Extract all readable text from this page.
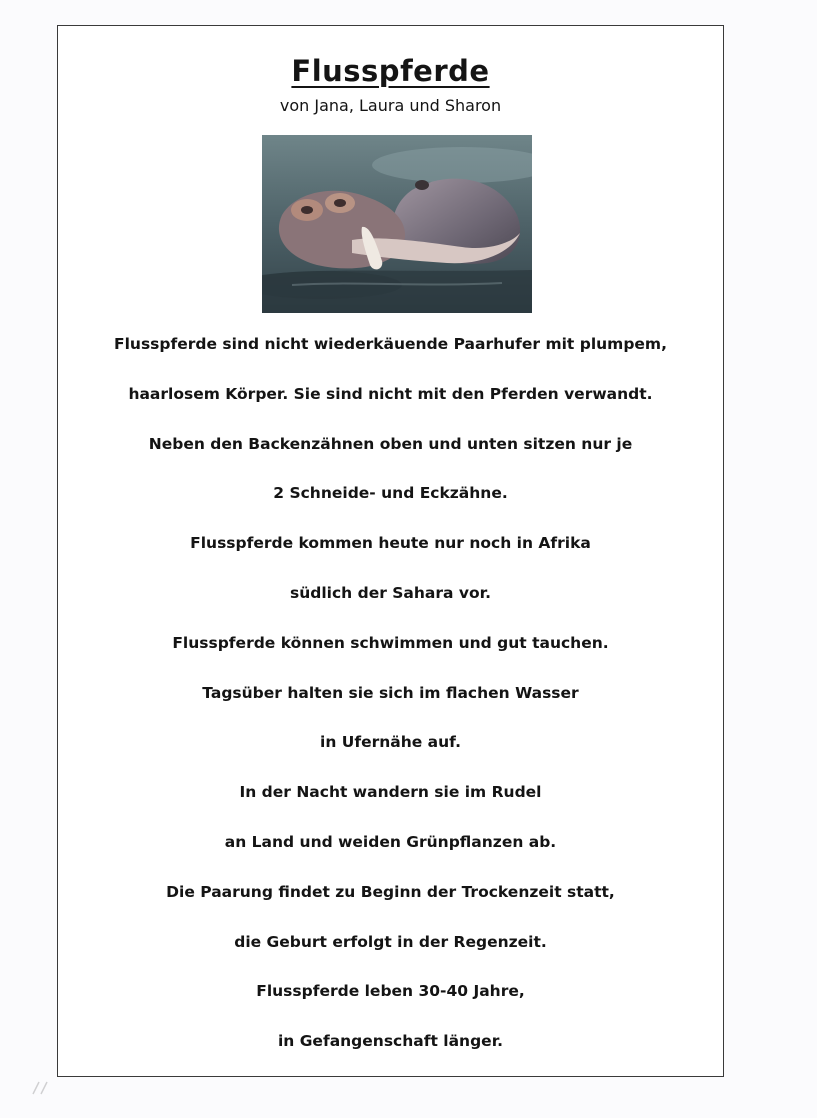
Flusspferde
von Jana, Laura und Sharon
Flusspferde sind nicht wiederkäuende Paarhufer mit plumpem,
haarlosem Körper. Sie sind nicht mit den Pferden verwandt.
Neben den Backenzähnen oben und unten sitzen nur je
2 Schneide- und Eckzähne.
Flusspferde kommen heute nur noch in Afrika
südlich der Sahara vor.
Flusspferde können schwimmen und gut tauchen.
Tagsüber halten sie sich im flachen Wasser
in Ufernähe auf.
In der Nacht wandern sie im Rudel
an Land und weiden Grünpflanzen ab.
Die Paarung findet zu Beginn der Trockenzeit statt,
die Geburt erfolgt in der Regenzeit.
Flusspferde leben 30-40 Jahre,
in Gefangenschaft länger.
